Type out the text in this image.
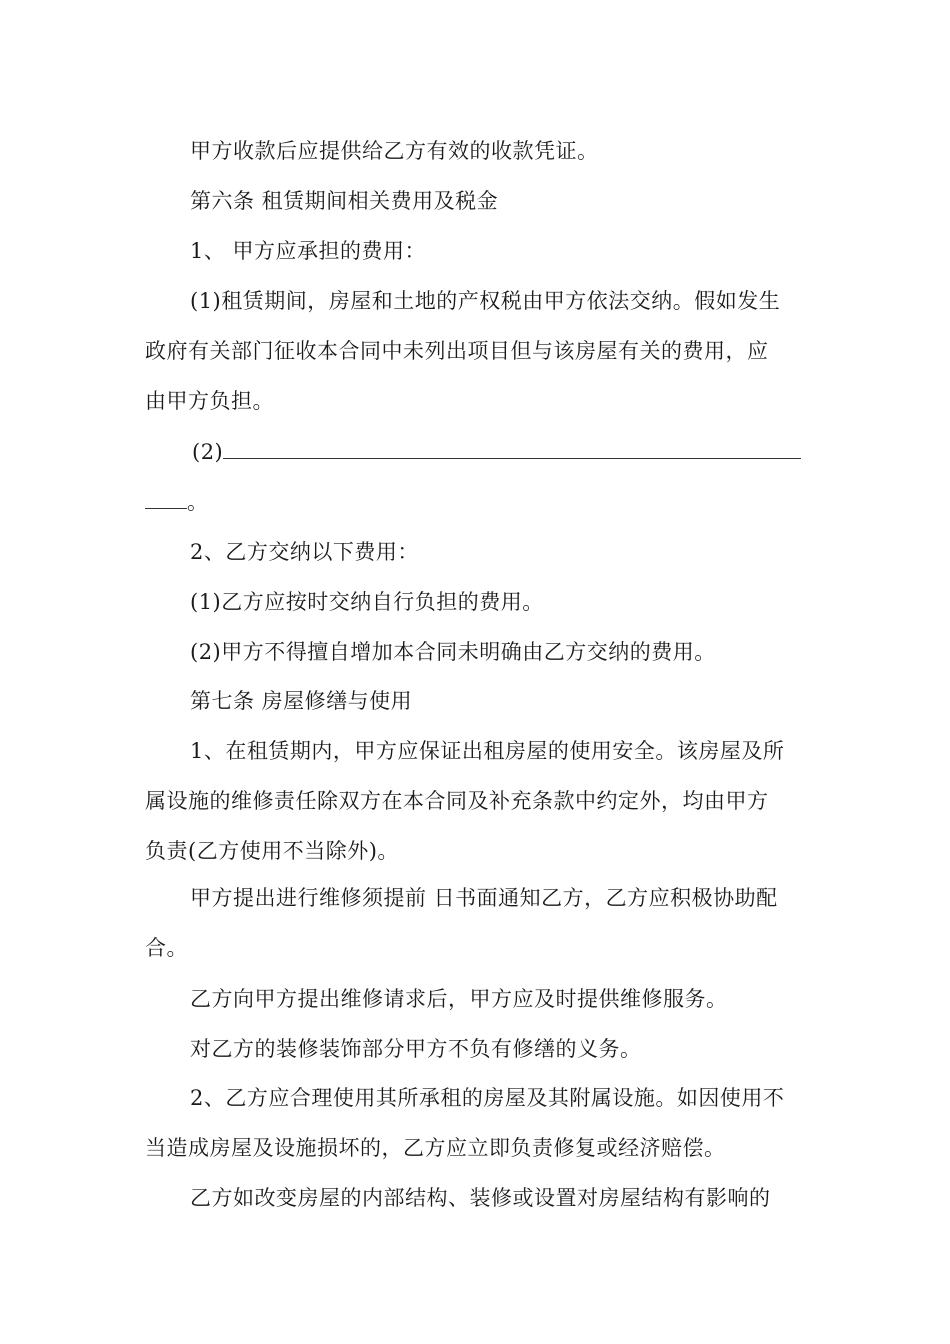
甲方收款后应提供给乙方有效的收款凭证。
第六条 租赁期间相关费用及税金
1、 甲方应承担的费用：
(1)租赁期间，房屋和土地的产权税由甲方依法交纳。假如发生
政府有关部门征收本合同中未列出项目但与该房屋有关的费用，应
由甲方负担。
(2)
。
2、乙方交纳以下费用：
(1)乙方应按时交纳自行负担的费用。
(2)甲方不得擅自增加本合同未明确由乙方交纳的费用。
第七条 房屋修缮与使用
1、在租赁期内，甲方应保证出租房屋的使用安全。该房屋及所
属设施的维修责任除双方在本合同及补充条款中约定外，均由甲方
负责(乙方使用不当除外)。
甲方提出进行维修须提前 日书面通知乙方，乙方应积极协助配
合。
乙方向甲方提出维修请求后，甲方应及时提供维修服务。
对乙方的装修装饰部分甲方不负有修缮的义务。
2、乙方应合理使用其所承租的房屋及其附属设施。如因使用不
当造成房屋及设施损坏的，乙方应立即负责修复或经济赔偿。
乙方如改变房屋的内部结构、装修或设置对房屋结构有影响的
